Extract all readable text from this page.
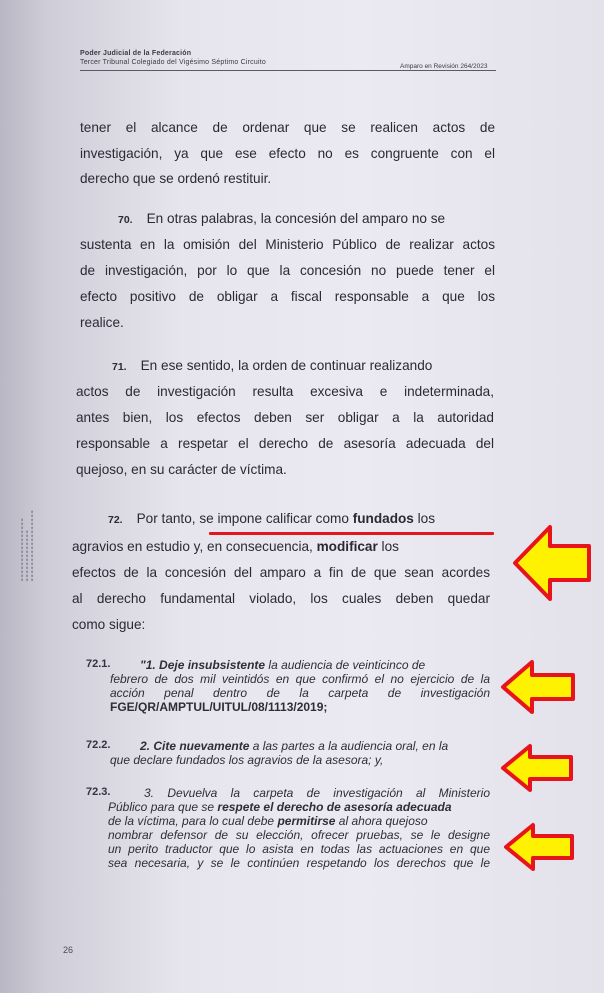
Poder Judicial de la Federación
Tercer Tribunal Colegiado del Vigésimo Séptimo Circuito
Amparo en Revisión 264/2023
▮▮▮▮▮▮▮▮▮▮▮▮▮▮▮▮ ▮▮▮▮▮▮▮▮▮▮▮▮▮ ▮▮▮▮▮▮▮▮▮▮▮▮▮▮▮▮▮▮
tener el alcance de ordenar que se realicen actos de
investigación, ya que ese efecto no es congruente con el
derecho que se ordenó restituir.
70. En otras palabras, la concesión del amparo no se
sustenta en la omisión del Ministerio Público de realizar actos
de investigación, por lo que la concesión no puede tener el
efecto positivo de obligar a fiscal responsable a que los
realice.
71. En ese sentido, la orden de continuar realizando
actos de investigación resulta excesiva e indeterminada,
antes bien, los efectos deben ser obligar a la autoridad
responsable a respetar el derecho de asesoría adecuada del
quejoso, en su carácter de víctima.
72. Por tanto, se impone calificar como fundados los
agravios en estudio y, en consecuencia, modificar los
efectos de la concesión del amparo a fin de que sean acordes
al derecho fundamental violado, los cuales deben quedar
como sigue:
72.1. "1. Deje insubsistente la audiencia de veinticinco de
febrero de dos mil veintidós en que confirmó el no ejercicio de la
acción penal dentro de la carpeta de investigación
FGE/QR/AMPTUL/UITUL/08/1113/2019;
72.2. 2. Cite nuevamente a las partes a la audiencia oral, en la
que declare fundados los agravios de la asesora; y,
72.3.	3. Devuelva la carpeta de investigación al Ministerio
Público para que se respete el derecho de asesoría adecuada
de la víctima, para lo cual debe permitirse al ahora quejoso
nombrar defensor de su elección, ofrecer pruebas, se le designe
un perito traductor que lo asista en todas las actuaciones en que
sea necesaria, y se le continúen respetando los derechos que le
26
